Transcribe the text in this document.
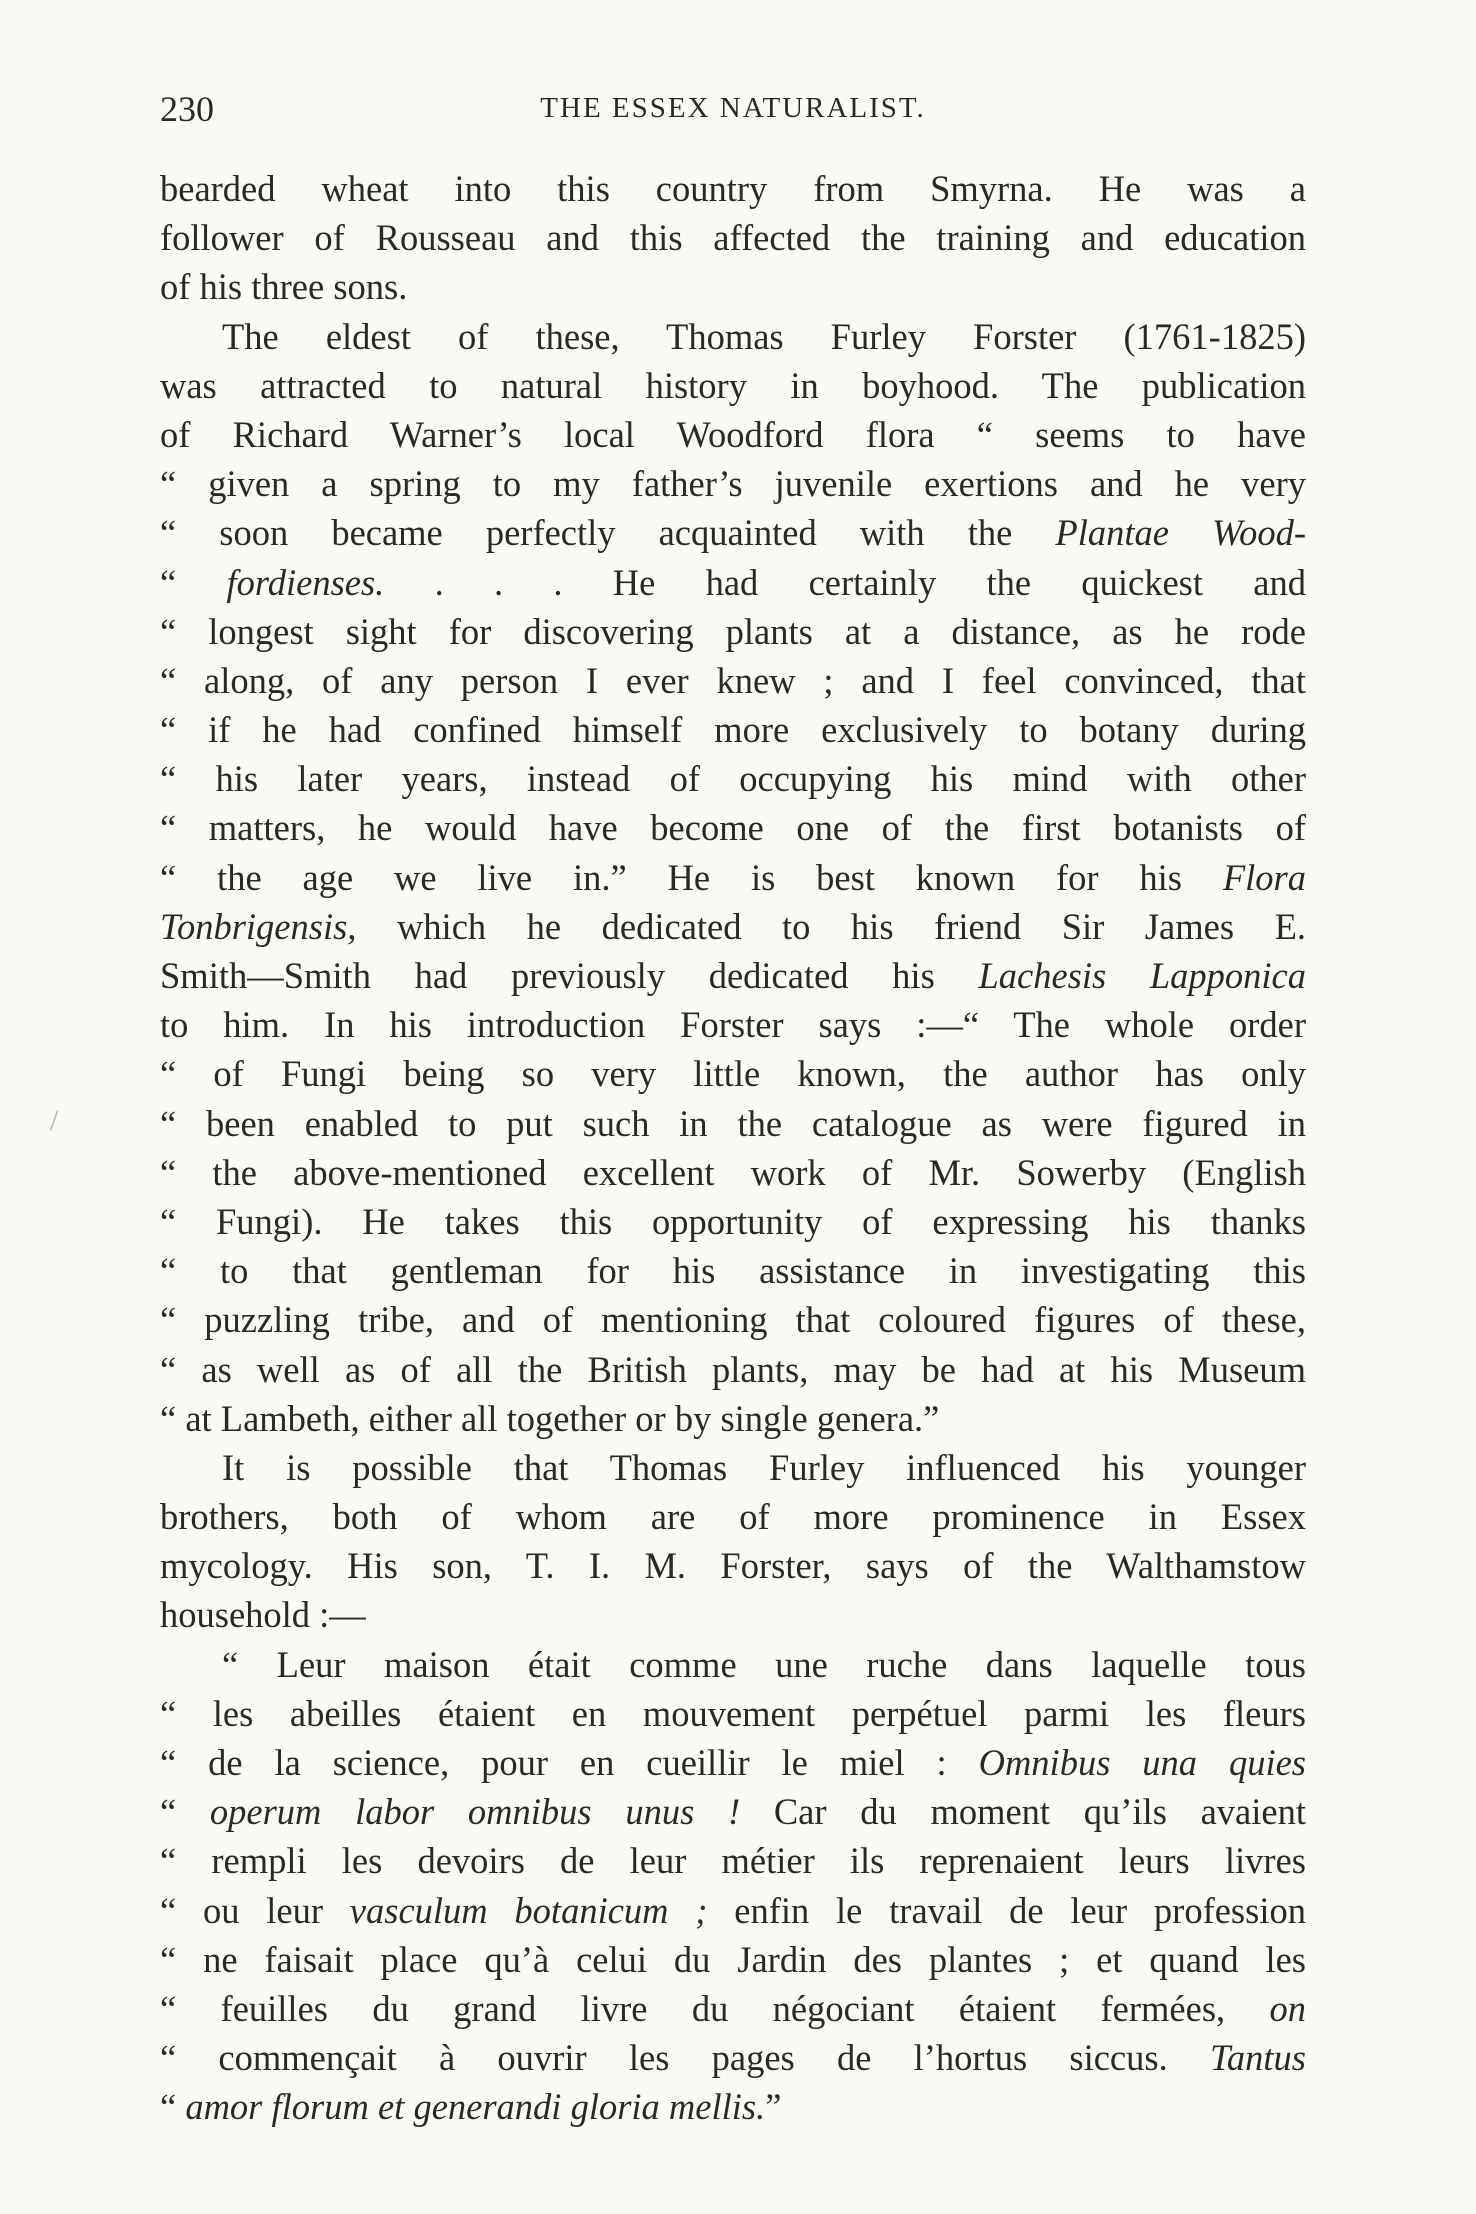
230	THE ESSEX NATURALIST.
bearded wheat into this country from Smyrna. He was a
follower of Rousseau and this affected the training and education
of his three sons.
The eldest of these, Thomas Furley Forster (1761-1825)
was attracted to natural history in boyhood. The publication
of Richard Warner’s local Woodford flora “ seems to have
“ given a spring to my father’s juvenile exertions and he very
“ soon became perfectly acquainted with the Plantae Wood-
“ fordienses. . . . He had certainly the quickest and
“ longest sight for discovering plants at a distance, as he rode
“ along, of any person I ever knew ; and I feel convinced, that
“ if he had confined himself more exclusively to botany during
“ his later years, instead of occupying his mind with other
“ matters, he would have become one of the first botanists of
“ the age we live in.” He is best known for his Flora
Tonbrigensis, which he dedicated to his friend Sir James E.
Smith—Smith had previously dedicated his Lachesis Lapponica
to him. In his introduction Forster says :—“ The whole order
“ of Fungi being so very little known, the author has only
“ been enabled to put such in the catalogue as were figured in
“ the above-mentioned excellent work of Mr. Sowerby (English
“ Fungi). He takes this opportunity of expressing his thanks
“ to that gentleman for his assistance in investigating this
“ puzzling tribe, and of mentioning that coloured figures of these,
“ as well as of all the British plants, may be had at his Museum
“ at Lambeth, either all together or by single genera.”
It is possible that Thomas Furley influenced his younger
brothers, both of whom are of more prominence in Essex
mycology. His son, T. I. M. Forster, says of the Walthamstow
household :—
“ Leur maison était comme une ruche dans laquelle tous
“ les abeilles étaient en mouvement perpétuel parmi les fleurs
“ de la science, pour en cueillir le miel : Omnibus una quies
“ operum labor omnibus unus ! Car du moment qu’ils avaient
“ rempli les devoirs de leur métier ils reprenaient leurs livres
“ ou leur vasculum botanicum ; enfin le travail de leur profession
“ ne faisait place qu’à celui du Jardin des plantes ; et quand les
“ feuilles du grand livre du négociant étaient fermées, on
“ commençait à ouvrir les pages de l’hortus siccus. Tantus
“ amor florum et generandi gloria mellis.”
/
